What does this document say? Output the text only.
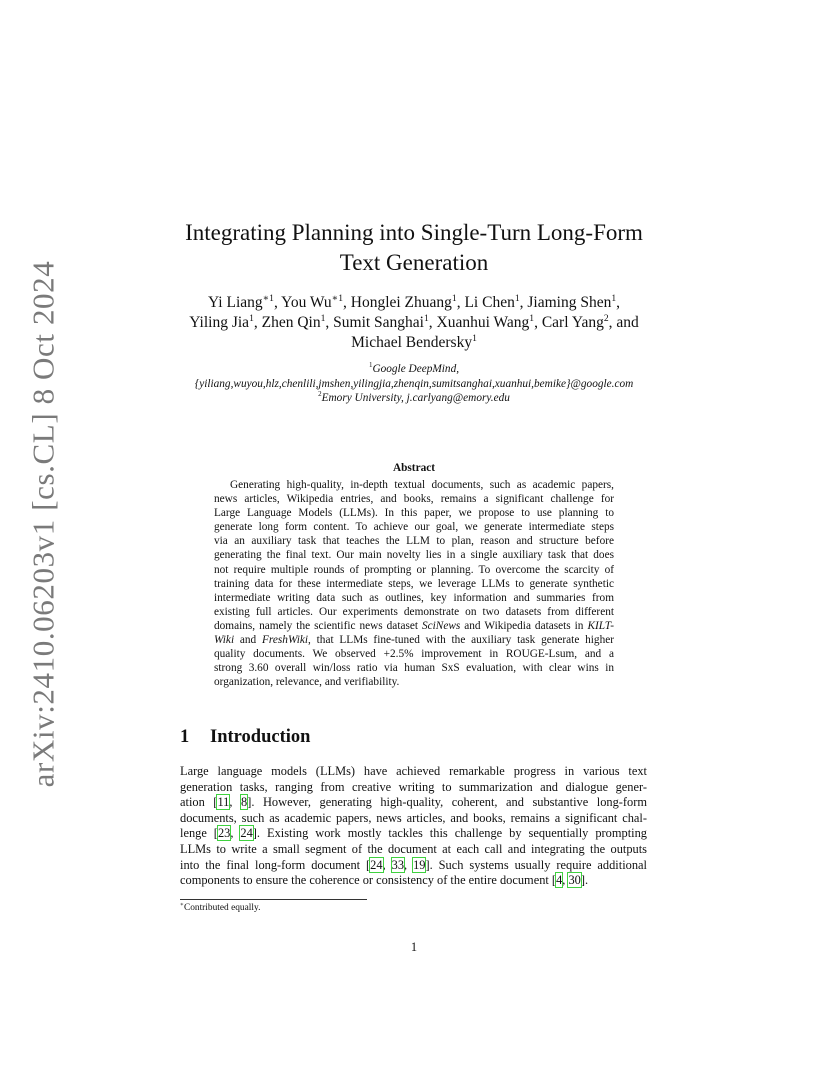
arXiv:2410.06203v1 [cs.CL] 8 Oct 2024
Integrating Planning into Single-Turn Long-Form
Text Generation
Yi Liang$^{∗1}$, You $Wu^{∗1}$, Honglei Zhuang$^1$, Li Chen$^1$, Jiaming Shen$^1$,
Yiling Jia$^1$, Zhen Qin$^1$, Sumit Sanghai$^1$, Xuanhui Wang$^1$, Carl Yang$^2$, and
Michael Bendersky$^1$
$^1$Google DeepMind,
{yiliang,wuyou,hlz,chenlili,jmshen,yilingjia,zhenqin,sumitsanghai,xuanhui,bemike}@google.com
$^2$Emory University, j.carlyang@emory.edu
Abstract
Generating high-quality, in-depth textual documents, such as academic papers,
news articles, Wikipedia entries, and books, remains a significant challenge for
Large Language Models (LLMs). In this paper, we propose to use planning to
generate long form content. To achieve our goal, we generate intermediate steps
via an auxiliary task that teaches the LLM to plan, reason and structure before
generating the final text. Our main novelty lies in a single auxiliary task that does
not require multiple rounds of prompting or planning. To overcome the scarcity of
training data for these intermediate steps, we leverage LLMs to generate synthetic
intermediate writing data such as outlines, key information and summaries from
existing full articles. Our experiments demonstrate on two datasets from different
domains, namely the scientific news dataset SciNews and Wikipedia datasets in KILT-
Wiki and FreshWiki, that LLMs fine-tuned with the auxiliary task generate higher
quality documents. We observed +2.5% improvement in ROUGE-Lsum, and a
strong 3.60 overall win/loss ratio via human SxS evaluation, with clear wins in
organization, relevance, and verifiability.
1 Introduction
Large language models (LLMs) have achieved remarkable progress in various text
generation tasks, ranging from creative writing to summarization and dialogue gener-
ation [11, 8]. However, generating high-quality, coherent, and substantive long-form
documents, such as academic papers, news articles, and books, remains a significant chal-
lenge [23, 24]. Existing work mostly tackles this challenge by sequentially prompting
LLMs to write a small segment of the document at each call and integrating the outputs
into the final long-form document [24, 33, 19]. Such systems usually require additional
components to ensure the coherence or consistency of the entire document [4, 30].
∗Contributed equally.
1
